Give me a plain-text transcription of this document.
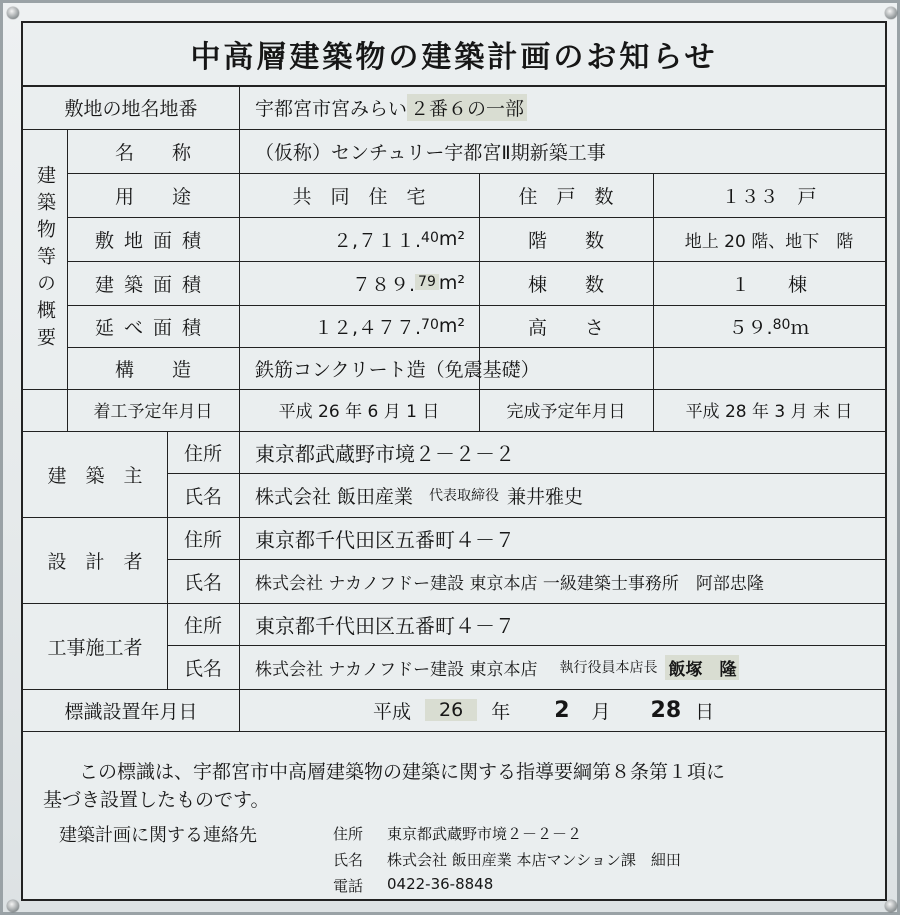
中高層建築物の建築計画のお知らせ
敷地の地名地番	宇都宮市宮みらい ２番６の一部
建築物等の概要
名　　称	（仮称）センチュリー宇都宮Ⅱ期新築工事
用　　途	共　同　住　宅	住　戸　数	１３３　戸
敷地面積	２,７１１. 40 m²	階　　数	地上 20 階、地下　階
建築面積	７８９. 79 m²	棟　　数	１　　棟
延べ面積	１２,４７７. 70 m²	高　　さ	５９. 80 ｍ
構　　造	鉄筋コンクリート造（免震基礎）
着工予定年月日	平成 26 年 6 月 1 日	完成予定年月日	平成 28 年 3 月 末 日
建　築　主
住所	東京都武蔵野市境２－２－２
氏名	株式会社 飯田産業 代表取締役 兼井雅史
設　計　者
住所	東京都千代田区五番町４－７
氏名	株式会社 ナカノフドー建設 東京本店 一級建築士事務所　阿部忠隆
工事施工者
住所	東京都千代田区五番町４－７
氏名	株式会社 ナカノフドー建設 東京本店 執行役員本店長 飯塚　隆
標識設置年月日	平成	26	年 2 月 28 日
この標識は、宇都宮市中高層建築物の建築に関する指導要綱第８条第１項に
基づき設置したものです。
建築計画に関する連絡先	住所 東京都武蔵野市境２－２－２
氏名 株式会社 飯田産業 本店マンション課　細田
電話 0422-36-8848
